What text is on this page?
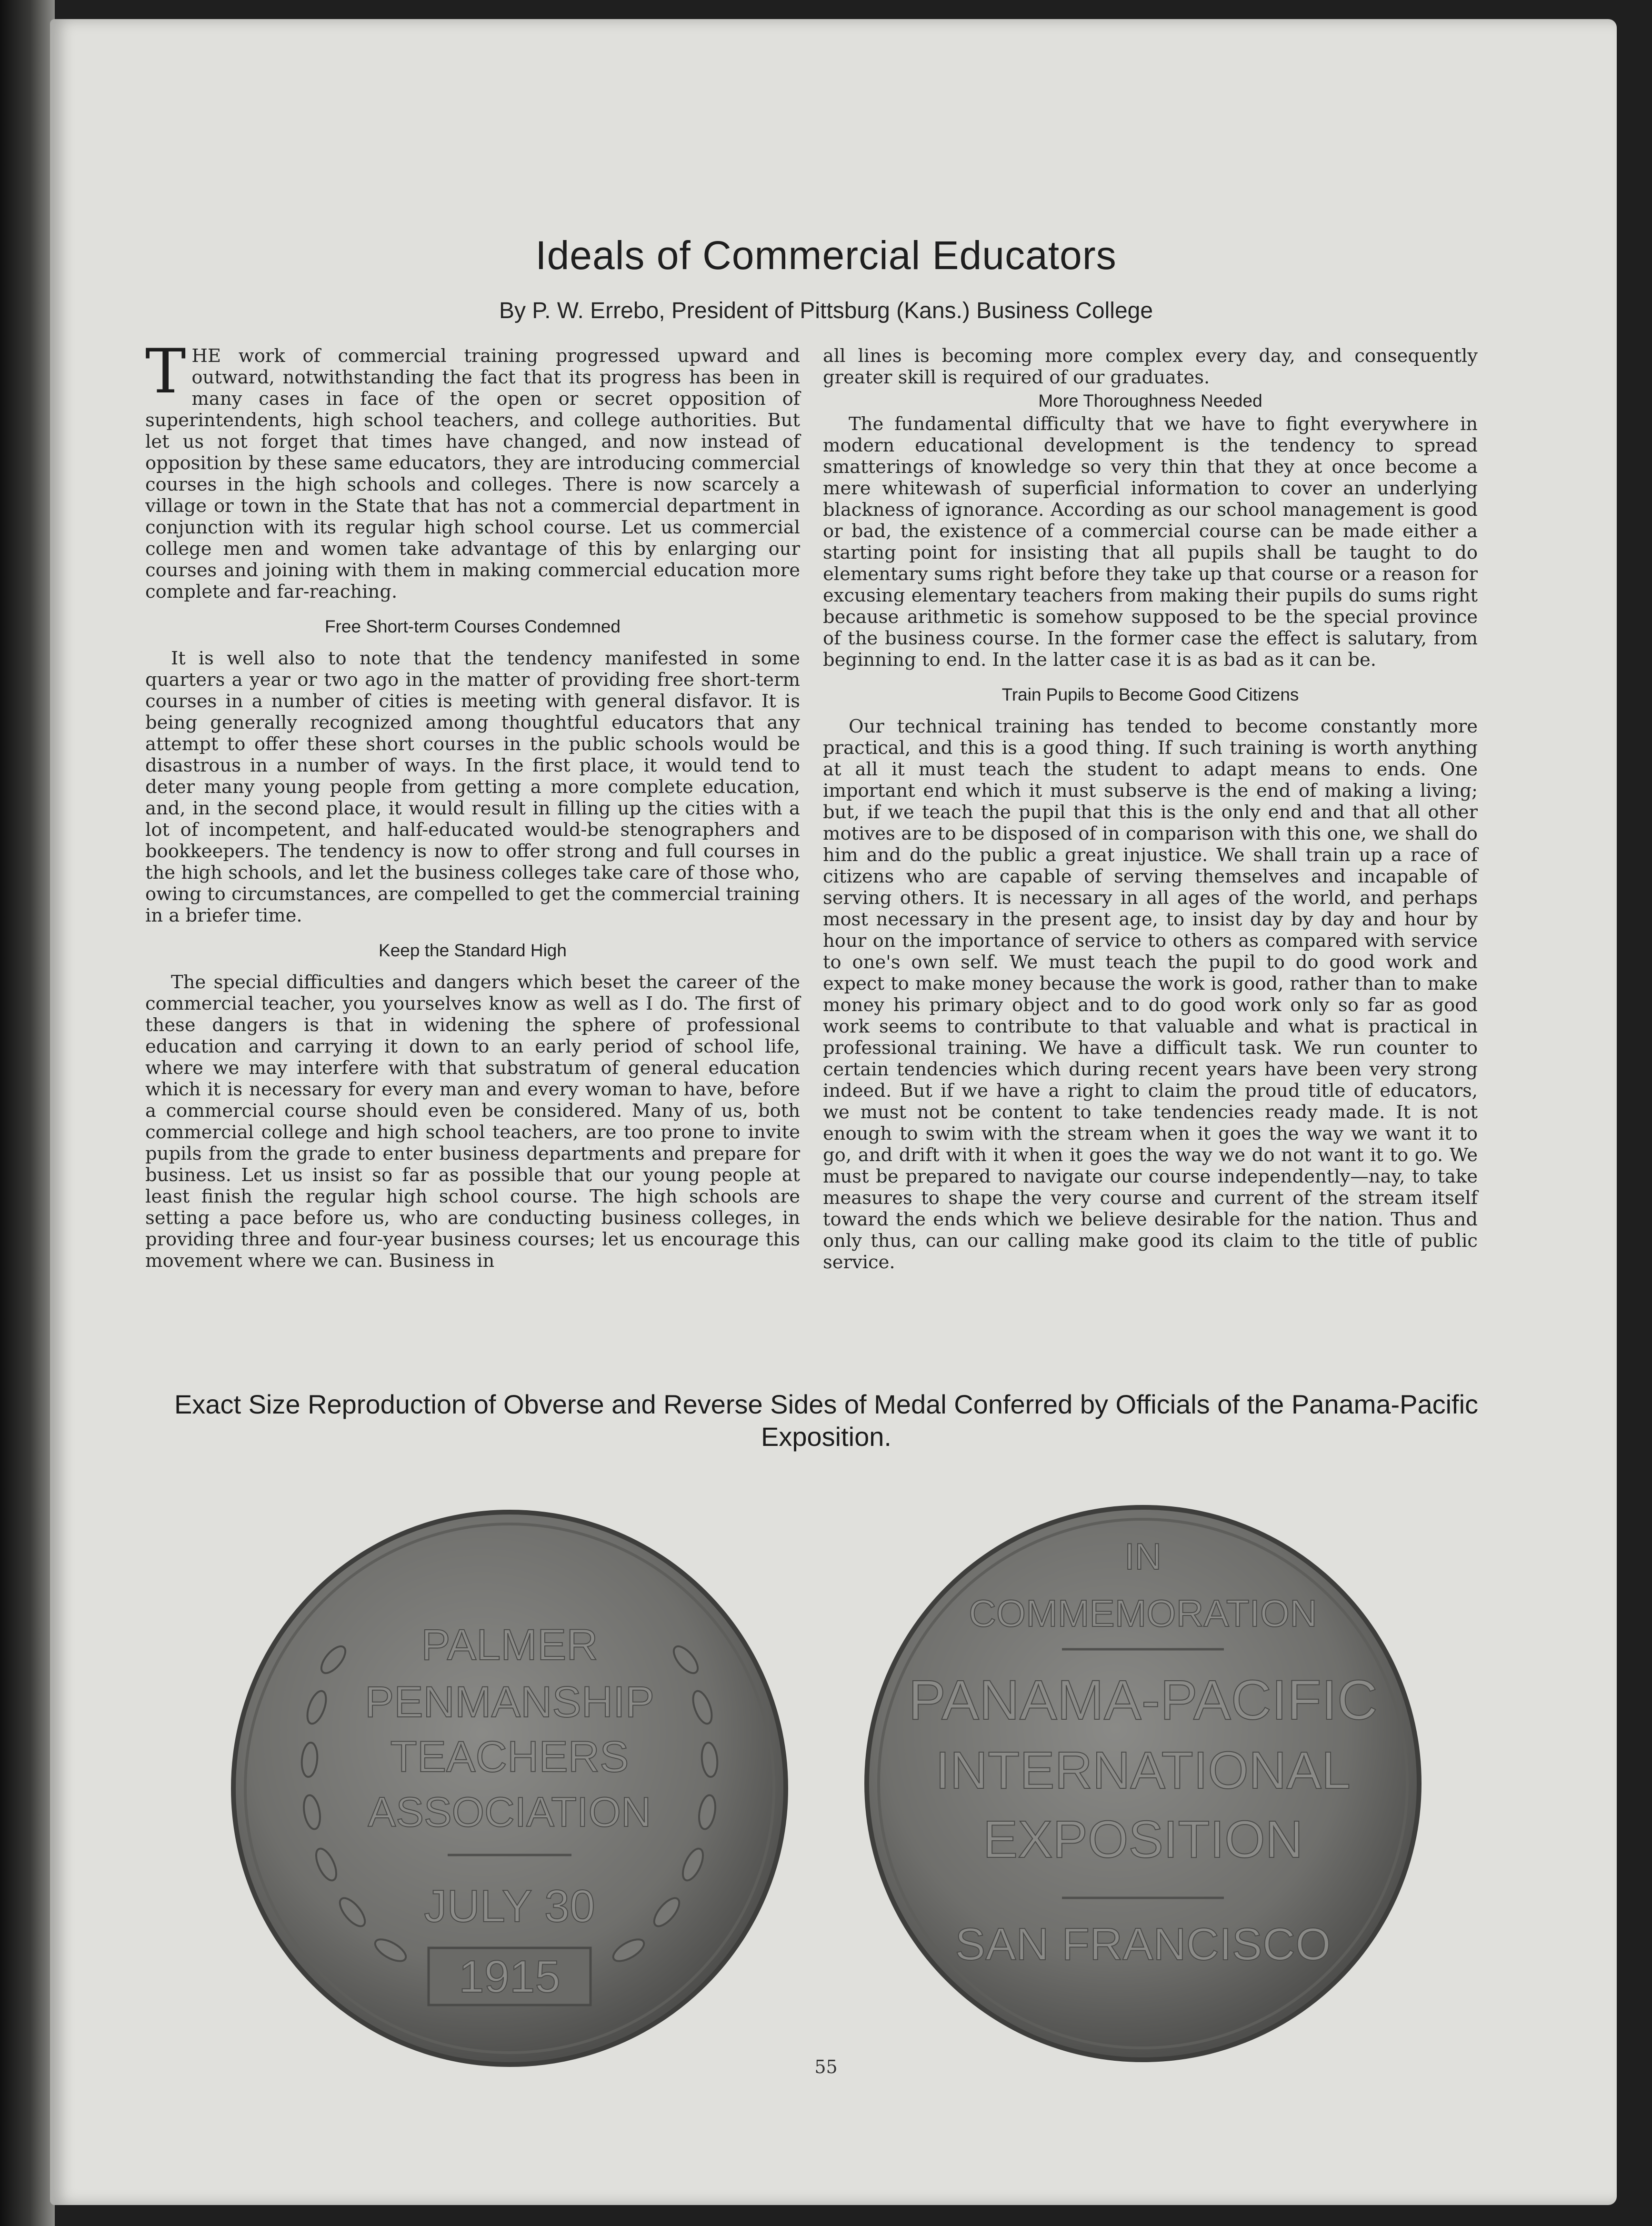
Ideals of Commercial Educators
By P. W. Errebo, President of Pittsburg (Kans.) Business College

THE work of commercial training progressed upward and outward, notwithstanding the fact that its progress has been in many cases in face of the open or secret opposition of superintendents, high school teachers, and college authorities. But let us not forget that times have changed, and now instead of opposition by these same educators, they are introducing commercial courses in the high schools and colleges. There is now scarcely a village or town in the State that has not a commercial department in conjunction with its regular high school course. Let us commercial college men and women take advantage of this by enlarging our courses and joining with them in making commercial education more complete and far-reaching.

Free Short-term Courses Condemned

It is well also to note that the tendency manifested in some quarters a year or two ago in the matter of providing free short-term courses in a number of cities is meeting with general disfavor. It is being generally recognized among thoughtful educators that any attempt to offer these short courses in the public schools would be disastrous in a number of ways. In the first place, it would tend to deter many young people from getting a more complete education, and, in the second place, it would result in filling up the cities with a lot of incompetent, and half-educated would-be stenographers and bookkeepers. The tendency is now to offer strong and full courses in the high schools, and let the business colleges take care of those who, owing to circumstances, are compelled to get the commercial training in a briefer time.

Keep the Standard High

The special difficulties and dangers which beset the career of the commercial teacher, you yourselves know as well as I do. The first of these dangers is that in widening the sphere of professional education and carrying it down to an early period of school life, where we may interfere with that substratum of general education which it is necessary for every man and every woman to have, before a commercial course should even be considered. Many of us, both commercial college and high school teachers, are too prone to invite pupils from the grade to enter business departments and prepare for business. Let us insist so far as possible that our young people at least finish the regular high school course. The high schools are setting a pace before us, who are conducting business colleges, in providing three and four-year business courses; let us encourage this movement where we can. Business in

all lines is becoming more complex every day, and consequently greater skill is required of our graduates.

More Thoroughness Needed

The fundamental difficulty that we have to fight everywhere in modern educational development is the tendency to spread smatterings of knowledge so very thin that they at once become a mere whitewash of superficial information to cover an underlying blackness of ignorance. According as our school management is good or bad, the existence of a commercial course can be made either a starting point for insisting that all pupils shall be taught to do elementary sums right before they take up that course or a reason for excusing elementary teachers from making their pupils do sums right because arithmetic is somehow supposed to be the special province of the business course. In the former case the effect is salutary, from beginning to end. In the latter case it is as bad as it can be.

Train Pupils to Become Good Citizens

Our technical training has tended to become constantly more practical, and this is a good thing. If such training is worth anything at all it must teach the student to adapt means to ends. One important end which it must subserve is the end of making a living; but, if we teach the pupil that this is the only end and that all other motives are to be disposed of in comparison with this one, we shall do him and do the public a great injustice. We shall train up a race of citizens who are capable of serving themselves and incapable of serving others. It is necessary in all ages of the world, and perhaps most necessary in the present age, to insist day by day and hour by hour on the importance of service to others as compared with service to one's own self. We must teach the pupil to do good work and expect to make money because the work is good, rather than to make money his primary object and to do good work only so far as good work seems to contribute to that valuable and what is practical in professional training. We have a difficult task. We run counter to certain tendencies which during recent years have been very strong indeed. But if we have a right to claim the proud title of educators, we must not be content to take tendencies ready made. It is not enough to swim with the stream when it goes the way we want it to go, and drift with it when it goes the way we do not want it to go. We must be prepared to navigate our course independently—nay, to take measures to shape the very course and current of the stream itself toward the ends which we believe desirable for the nation. Thus and only thus, can our calling make good its claim to the title of public service.

Exact Size Reproduction of Obverse and Reverse Sides of Medal Conferred by Officials of the Panama-Pacific Exposition.
PALMER
PENMANSHIP
TEACHERS
ASSOCIATION
JULY 30
1915
IN
COMMEMORATION
PANAMA-PACIFIC
INTERNATIONAL
EXPOSITION
SAN FRANCISCO
55
